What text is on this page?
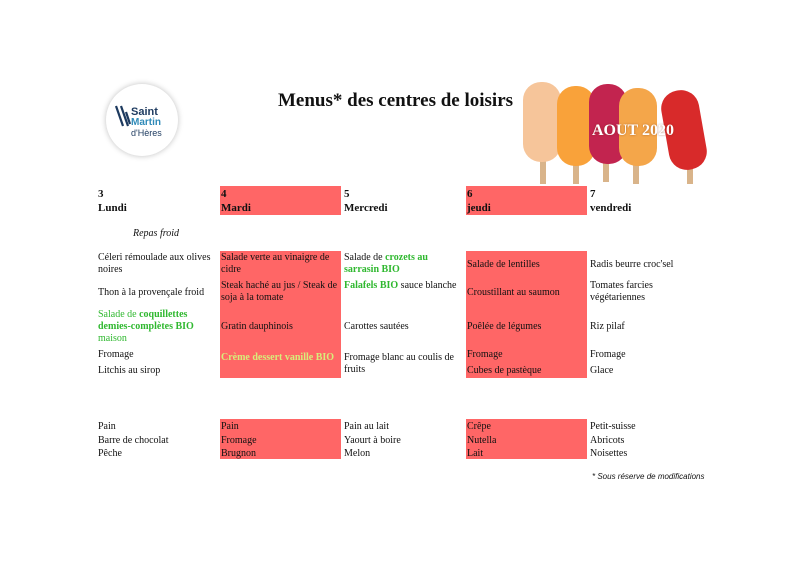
Saint
Martin
d'Hères
Menus* des centres de loisirs
AOUT 2020
3
Lundi
4
Mardi
5
Mercredi
6
jeudi
7
vendredi
Repas froid
Céleri rémoulade aux olives noires
Thon à la provençale froid
Salade de coquillettes demies-complètes BIO maison
Fromage
Litchis au sirop
Salade verte au vinaigre de cidre
Steak haché au jus / Steak de soja à la tomate
Gratin dauphinois
Crème dessert vanille BIO
Salade de crozets au sarrasin BIO
Falafels BIO sauce blanche
Carottes sautées
Fromage blanc au coulis de fruits
Salade de lentilles
Croustillant au saumon
Poêlée de légumes
Fromage
Cubes de pastèque
Radis beurre croc'sel
Tomates farcies végétariennes
Riz pilaf
Fromage
Glace
Pain
Barre de chocolat
Pêche
Pain
Fromage
Brugnon
Pain au lait
Yaourt à boire
Melon
Crêpe
Nutella
Lait
Petit-suisse
Abricots
Noisettes
* Sous réserve de modifications
